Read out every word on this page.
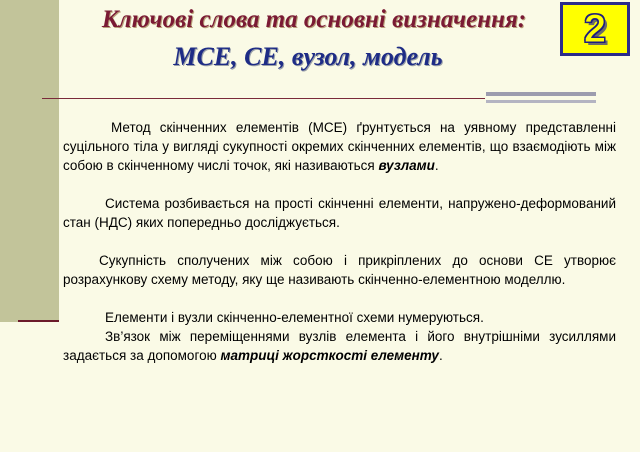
Ключові слова та основні визначення:
МСЕ, СЕ, вузол, модель
2

Метод скінченних елементів (МСЕ) ґрунтується на уявному представленні суцільного тіла у вигляді сукупності окремих скінченних елементів, що взаємодіють між собою в скінченному числі точок, які називаються вузлами.

Система розбивається на прості скінченні елементи, напружено-деформований стан (НДС) яких попередньо досліджується.

Сукупність сполучених між собою і прикріплених до основи СЕ утворює розрахункову схему методу, яку ще називають скінченно-елементною моделлю.

Елементи і вузли скінченно-елементної схеми нумеруються.

Зв’язок між переміщеннями вузлів елемента і його внутрішніми зусиллями задається за допомогою матриці жорсткості елементу.
